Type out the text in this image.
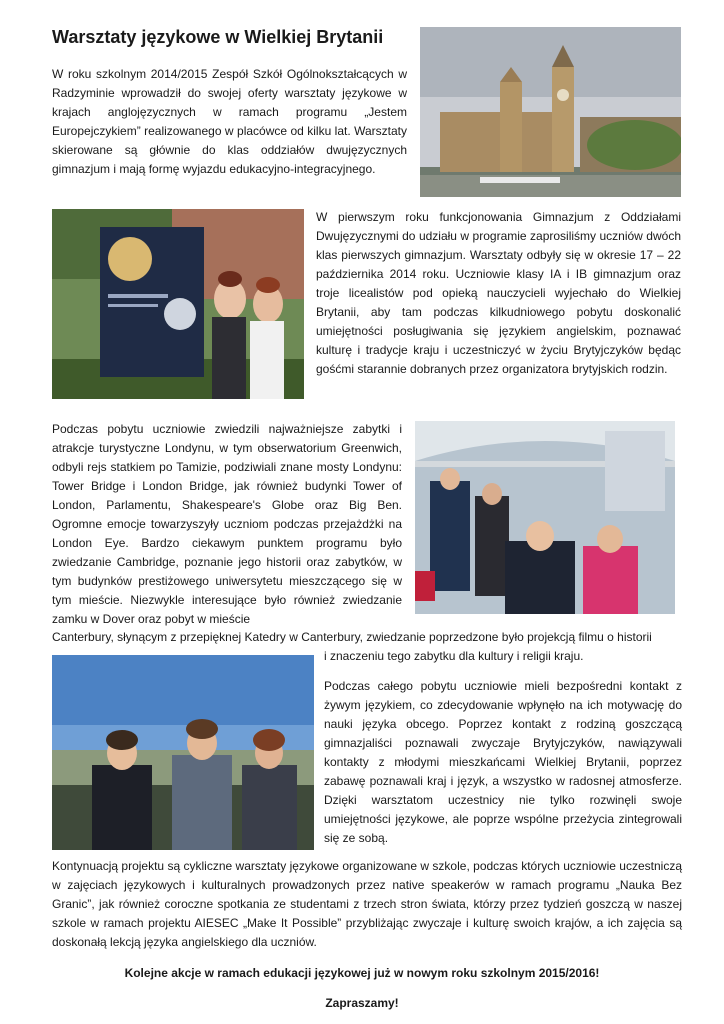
Warsztaty językowe w Wielkiej Brytanii
W roku szkolnym 2014/2015 Zespół Szkół Ogólnokształcących w Radzyminie wprowadził do swojej oferty warsztaty językowe w krajach anglojęzycznych w ramach programu „Jestem Europejczykiem” realizowanego w placówce od kilku lat. Warsztaty skierowane są głównie do klas oddziałów dwujęzycznych gimnazjum i mają formę wyjazdu edukacyjno-integracyjnego.
W pierwszym roku funkcjonowania Gimnazjum z Oddziałami Dwujęzycznymi do udziału w programie zaprosiliśmy uczniów dwóch klas pierwszych gimnazjum. Warsztaty odbyły się w okresie 17 – 22 października 2014 roku. Uczniowie klasy IA i IB gimnazjum oraz troje licealistów pod opieką nauczycieli wyjechało do Wielkiej Brytanii, aby tam podczas kilkudniowego pobytu doskonalić umiejętności posługiwania się językiem angielskim, poznawać kulturę i tradycje kraju i uczestniczyć w życiu Brytyjczyków będąc gośćmi starannie dobranych przez organizatora brytyjskich rodzin.
Podczas pobytu uczniowie zwiedzili najważniejsze zabytki i atrakcje turystyczne Londynu, w tym obserwatorium Greenwich, odbyli rejs statkiem po Tamizie, podziwiali znane mosty Londynu: Tower Bridge i London Bridge, jak również budynki Tower of London, Parlamentu, Shakespeare's Globe oraz Big Ben. Ogromne emocje towarzyszyły uczniom podczas przejażdżki na London Eye. Bardzo ciekawym punktem programu było zwiedzanie Cambridge, poznanie jego historii oraz zabytków, w tym budynków prestiżowego uniwersytetu mieszczącego się w tym mieście. Niezwykle interesujące było również zwiedzanie zamku w Dover oraz pobyt w mieście
Canterbury, słynącym z przepięknej Katedry w Canterbury, zwiedzanie poprzedzone było projekcją filmu o historii
i znaczeniu tego zabytku dla kultury i religii kraju.
Podczas całego pobytu uczniowie mieli bezpośredni kontakt z żywym językiem, co zdecydowanie wpłynęło na ich motywację do nauki języka obcego. Poprzez kontakt z rodziną goszczącą gimnazjaliści poznawali zwyczaje Brytyjczyków, nawiązywali kontakty z młodymi mieszkańcami Wielkiej Brytanii, poprzez zabawę poznawali kraj i język, a wszystko w radosnej atmosferze. Dzięki warsztatom uczestnicy nie tylko rozwinęli swoje umiejętności językowe, ale poprze wspólne przeżycia zintegrowali się ze sobą.
Kontynuacją projektu są cykliczne warsztaty językowe organizowane w szkole, podczas których uczniowie uczestniczą w zajęciach językowych i kulturalnych prowadzonych przez native speakerów w ramach programu „Nauka Bez Granic”, jak również coroczne spotkania ze studentami z trzech stron świata, którzy przez tydzień goszczą w naszej szkole w ramach projektu AIESEC „Make It Possible” przybliżając zwyczaje i kulturę swoich krajów, a ich zajęcia są doskonałą lekcją języka angielskiego dla uczniów.
Kolejne akcje w ramach edukacji językowej już w nowym roku szkolnym 2015/2016!
Zapraszamy!
